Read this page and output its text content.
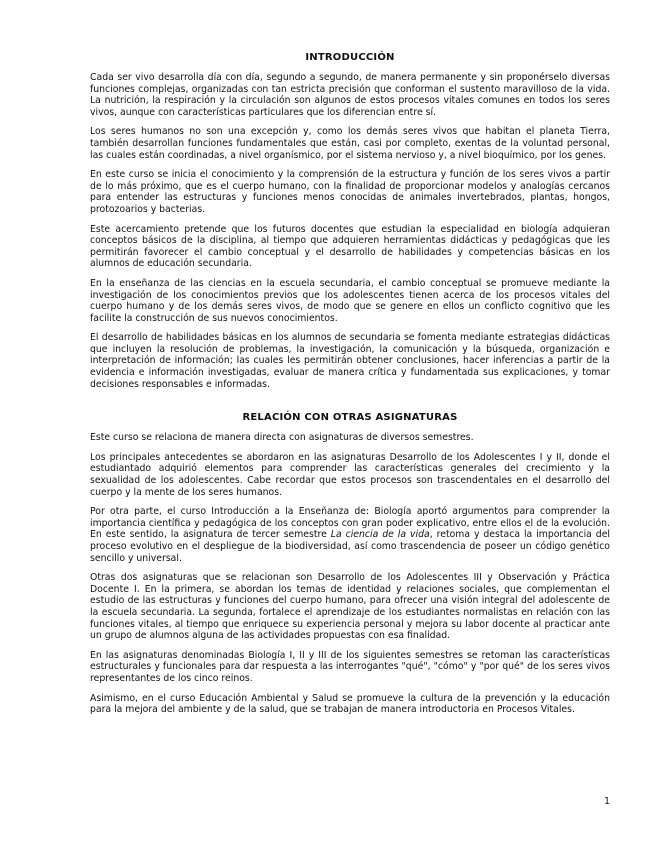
INTRODUCCIÓN

Cada ser vivo desarrolla día con día, segundo a segundo, de manera permanente y sin proponérselo diversas funciones complejas, organizadas con tan estricta precisión que conforman el sustento maravilloso de la vida. La nutrición, la respiración y la circulación son algunos de estos procesos vitales comunes en todos los seres vivos, aunque con características particulares que los diferencian entre sí.

Los seres humanos no son una excepción y, como los demás seres vivos que habitan el planeta Tierra, también desarrollan funciones fundamentales que están, casi por completo, exentas de la voluntad personal, las cuales están coordinadas, a nivel organísmico, por el sistema nervioso y, a nivel bioquímico, por los genes.

En este curso se inicia el conocimiento y la comprensión de la estructura y función de los seres vivos a partir de lo más próximo, que es el cuerpo humano, con la finalidad de proporcionar modelos y analogías cercanos para entender las estructuras y funciones menos conocidas de animales invertebrados, plantas, hongos, protozoarios y bacterias.

Este acercamiento pretende que los futuros docentes que estudian la especialidad en biología adquieran conceptos básicos de la disciplina, al tiempo que adquieren herramientas didácticas y pedagógicas que les permitirán favorecer el cambio conceptual y el desarrollo de habilidades y competencias básicas en los alumnos de educación secundaria.

En la enseñanza de las ciencias en la escuela secundaria, el cambio conceptual se promueve mediante la investigación de los conocimientos previos que los adolescentes tienen acerca de los procesos vitales del cuerpo humano y de los demás seres vivos, de modo que se genere en ellos un conflicto cognitivo que les facilite la construcción de sus nuevos conocimientos.

El desarrollo de habilidades básicas en los alumnos de secundaria se fomenta mediante estrategias didácticas que incluyen la resolución de problemas, la investigación, la comunicación y la búsqueda, organización e interpretación de información; las cuales les permitirán obtener conclusiones, hacer inferencias a partir de la evidencia e información investigadas, evaluar de manera crítica y fundamentada sus explicaciones, y tomar decisiones responsables e informadas.

RELACIÓN CON OTRAS ASIGNATURAS

Este curso se relaciona de manera directa con asignaturas de diversos semestres.

Los principales antecedentes se abordaron en las asignaturas Desarrollo de los Adolescentes I y II, donde el estudiantado adquirió elementos para comprender las características generales del crecimiento y la sexualidad de los adolescentes. Cabe recordar que estos procesos son trascendentales en el desarrollo del cuerpo y la mente de los seres humanos.

Por otra parte, el curso Introducción a la Enseñanza de: Biología aportó argumentos para comprender la importancia científica y pedagógica de los conceptos con gran poder explicativo, entre ellos el de la evolución. En este sentido, la asignatura de tercer semestre La ciencia de la vida, retoma y destaca la importancia del proceso evolutivo en el despliegue de la biodiversidad, así como trascendencia de poseer un código genético sencillo y universal.

Otras dos asignaturas que se relacionan son Desarrollo de los Adolescentes III y Observación y Práctica Docente I. En la primera, se abordan los temas de identidad y relaciones sociales, que complementan el estudio de las estructuras y funciones del cuerpo humano, para ofrecer una visión integral del adolescente de la escuela secundaria. La segunda, fortalece el aprendizaje de los estudiantes normalistas en relación con las funciones vitales, al tiempo que enriquece su experiencia personal y mejora su labor docente al practicar ante un grupo de alumnos alguna de las actividades propuestas con esa finalidad.

En las asignaturas denominadas Biología I, II y III de los siguientes semestres se retoman las características estructurales y funcionales para dar respuesta a las interrogantes "qué", "cómo" y "por qué" de los seres vivos representantes de los cinco reinos.

Asimismo, en el curso Educación Ambiental y Salud se promueve la cultura de la prevención y la educación para la mejora del ambiente y de la salud, que se trabajan de manera introductoria en Procesos Vitales.

1
